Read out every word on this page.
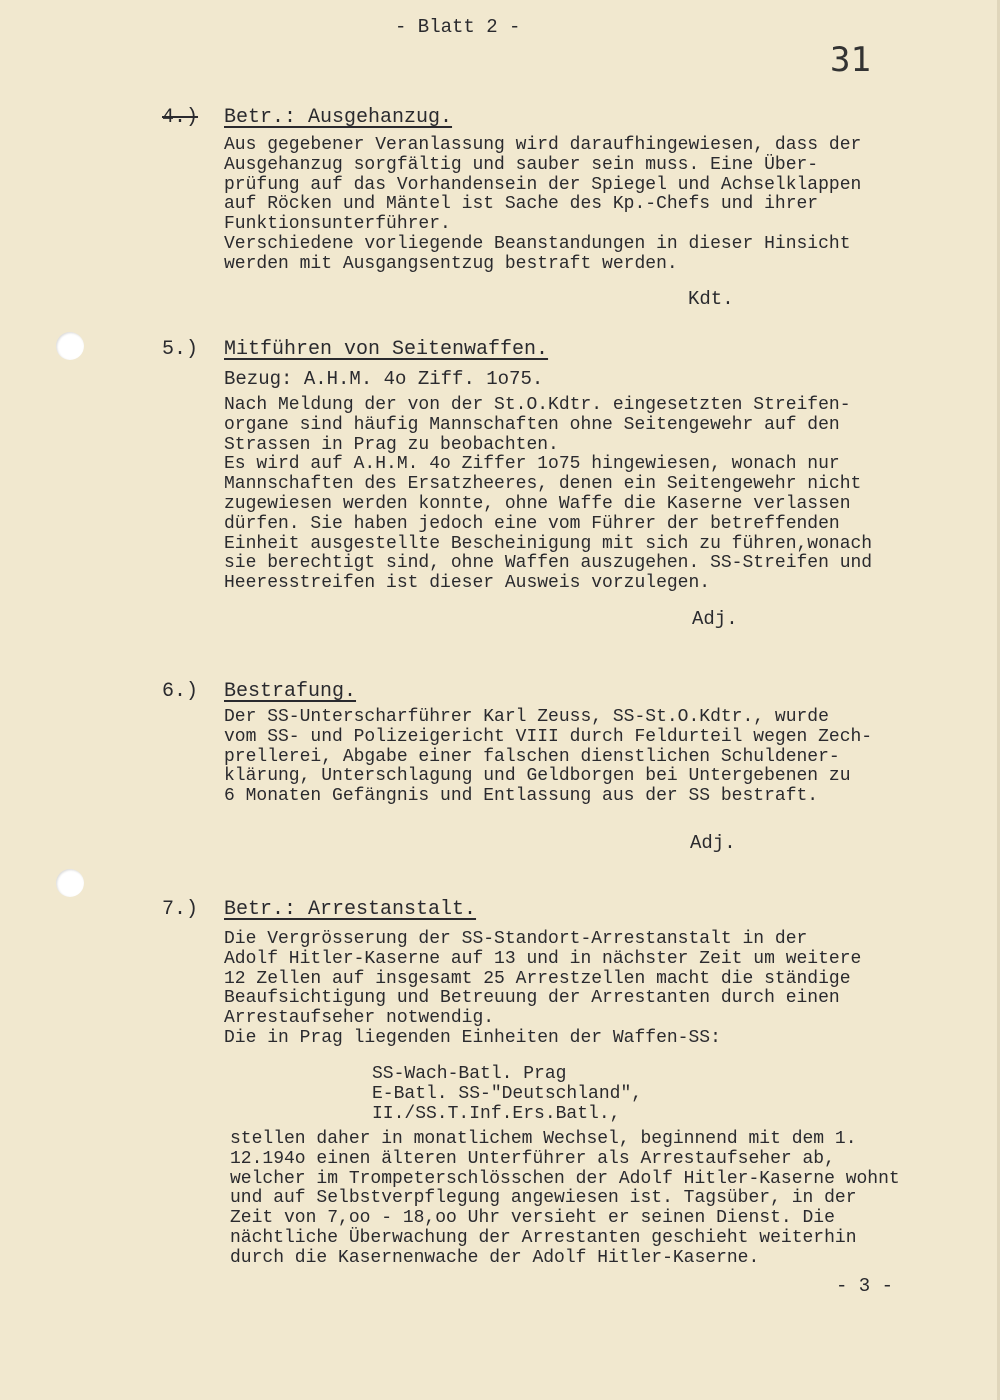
- Blatt 2 -
31
4.) Betr.: Ausgehanzug.
Aus gegebener Veranlassung wird daraufhingewiesen, dass der
Ausgehanzug sorgfältig und sauber sein muss. Eine Über-
prüfung auf das Vorhandensein der Spiegel und Achselklappen
auf Röcken und Mäntel ist Sache des Kp.-Chefs und ihrer
Funktionsunterführer.
Verschiedene vorliegende Beanstandungen in dieser Hinsicht
werden mit Ausgangsentzug bestraft werden.
Kdt.
5.) Mitführen von Seitenwaffen.
Bezug: A.H.M. 4o Ziff. 1o75.
Nach Meldung der von der St.O.Kdtr. eingesetzten Streifen-
organe sind häufig Mannschaften ohne Seitengewehr auf den
Strassen in Prag zu beobachten.
Es wird auf A.H.M. 4o Ziffer 1o75 hingewiesen, wonach nur
Mannschaften des Ersatzheeres, denen ein Seitengewehr nicht
zugewiesen werden konnte, ohne Waffe die Kaserne verlassen
dürfen. Sie haben jedoch eine vom Führer der betreffenden
Einheit ausgestellte Bescheinigung mit sich zu führen,wonach
sie berechtigt sind, ohne Waffen auszugehen. SS-Streifen und
Heeresstreifen ist dieser Ausweis vorzulegen.
Adj.
6.) Bestrafung.
Der SS-Unterscharführer Karl Zeuss, SS-St.O.Kdtr., wurde
vom SS- und Polizeigericht VIII durch Feldurteil wegen Zech-
prellerei, Abgabe einer falschen dienstlichen Schuldener-
klärung, Unterschlagung und Geldborgen bei Untergebenen zu
6 Monaten Gefängnis und Entlassung aus der SS bestraft.
Adj.
7.) Betr.: Arrestanstalt.
Die Vergrösserung der SS-Standort-Arrestanstalt in der
Adolf Hitler-Kaserne auf 13 und in nächster Zeit um weitere
12 Zellen auf insgesamt 25 Arrestzellen macht die ständige
Beaufsichtigung und Betreuung der Arrestanten durch einen
Arrestaufseher notwendig.
Die in Prag liegenden Einheiten der Waffen-SS:
SS-Wach-Batl. Prag
E-Batl. SS-"Deutschland",
II./SS.T.Inf.Ers.Batl.,
stellen daher in monatlichem Wechsel, beginnend mit dem 1.
12.194o einen älteren Unterführer als Arrestaufseher ab,
welcher im Trompeterschlösschen der Adolf Hitler-Kaserne wohnt
und auf Selbstverpflegung angewiesen ist. Tagsüber, in der
Zeit von 7,oo - 18,oo Uhr versieht er seinen Dienst. Die
nächtliche Überwachung der Arrestanten geschieht weiterhin
durch die Kasernenwache der Adolf Hitler-Kaserne.
- 3 -
